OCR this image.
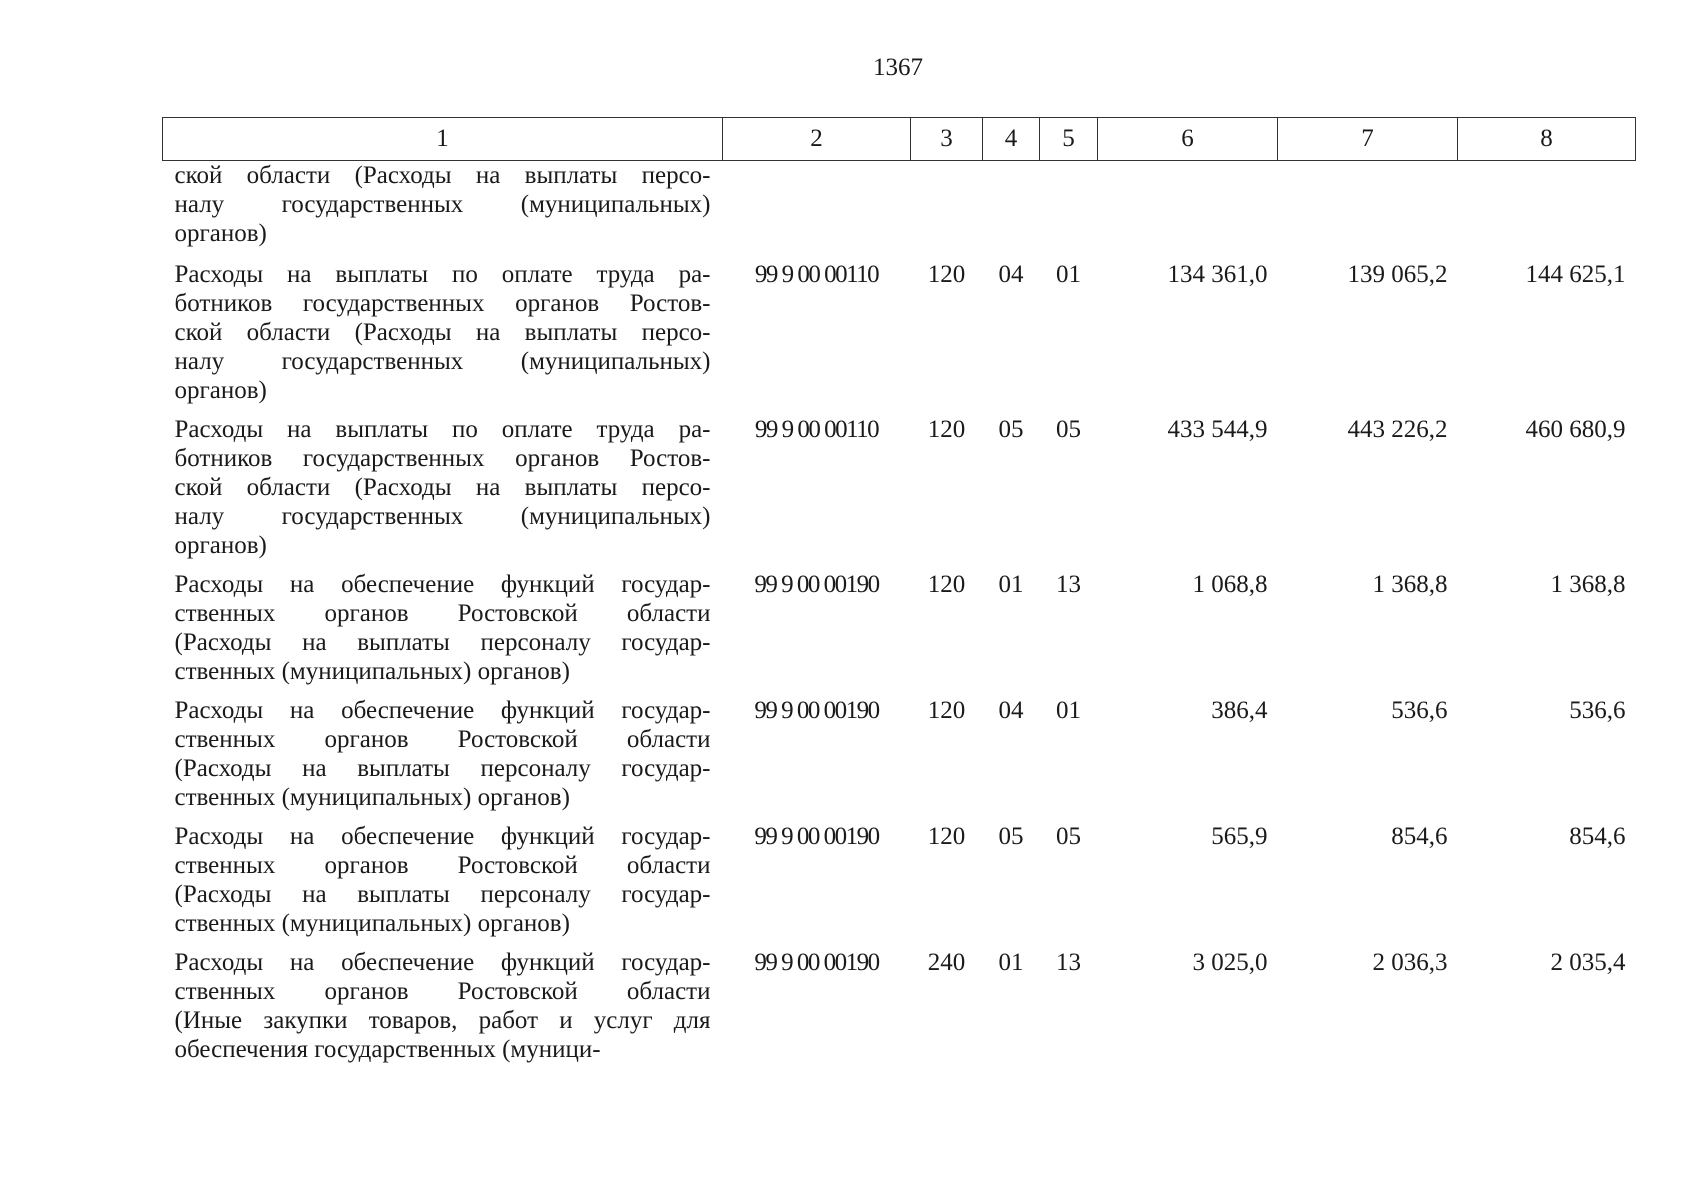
1367
1	2	3	4	5	6	7	8

ской области (Расходы на выплаты персо-
налу государственных (муниципальных)
органов)							

Расходы на выплаты по оплате труда ра-
ботников государственных органов Ростов-
ской области (Расходы на выплаты персо-
налу государственных (муниципальных)
органов)	99 9 00 00110	120	04	01	134 361,0	139 065,2	144 625,1

Расходы на выплаты по оплате труда ра-
ботников государственных органов Ростов-
ской области (Расходы на выплаты персо-
налу государственных (муниципальных)
органов)	99 9 00 00110	120	05	05	433 544,9	443 226,2	460 680,9

Расходы на обеспечение функций государ-
ственных органов Ростовской области
(Расходы на выплаты персоналу государ-
ственных (муниципальных) органов)	99 9 00 00190	120	01	13	1 068,8	1 368,8	1 368,8

Расходы на обеспечение функций государ-
ственных органов Ростовской области
(Расходы на выплаты персоналу государ-
ственных (муниципальных) органов)	99 9 00 00190	120	04	01	386,4	536,6	536,6

Расходы на обеспечение функций государ-
ственных органов Ростовской области
(Расходы на выплаты персоналу государ-
ственных (муниципальных) органов)	99 9 00 00190	120	05	05	565,9	854,6	854,6

Расходы на обеспечение функций государ-
ственных органов Ростовской области
(Иные закупки товаров, работ и услуг для
обеспечения государственных (муници-	99 9 00 00190	240	01	13	3 025,0	2 036,3	2 035,4
